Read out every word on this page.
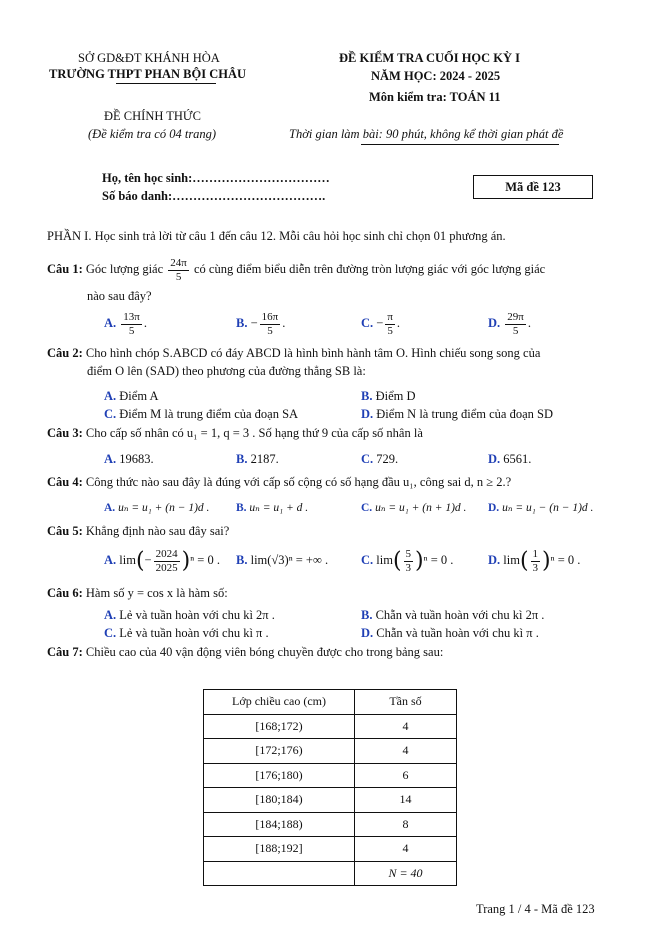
SỞ GD&ĐT KHÁNH HÒA
TRƯỜNG THPT PHAN BỘI CHÂU
ĐỀ KIỂM TRA CUỐI HỌC KỲ I
NĂM HỌC: 2024 - 2025
Môn kiểm tra: TOÁN 11
ĐỀ CHÍNH THỨC
(Đề kiểm tra có 04 trang)	Thời gian làm bài: 90 phút, không kể thời gian phát đề
Họ, tên học sinh:……………………………
Số báo danh:……………………………….
Mã đề 123
PHẦN I. Học sinh trả lời từ câu 1 đến câu 12. Mỗi câu hỏi học sinh chỉ chọn 01 phương án.
Câu 1: Góc lượng giác $\frac{24\pi}{5}$ có cùng điểm biểu diễn trên đường tròn lượng giác với góc lượng giác
nào sau đây?
A. $\frac{13\pi}{5}$ .	B. − $\frac{16\pi}{5}$ .	C. − $\frac{\pi}{5}$ .	D. $\frac{29\pi}{5}$ .
Câu 2: Cho hình chóp S.ABCD có đáy ABCD là hình bình hành tâm O. Hình chiếu song song của
điểm O lên (SAD) theo phương của đường thẳng SB là:
A. Điểm A	B. Điểm D
C. Điểm M là trung điểm của đoạn SA	D. Điểm N là trung điểm của đoạn SD
Câu 3: Cho cấp số nhân có u₁ = 1, q = 3 . Số hạng thứ 9 của cấp số nhân là
A. 19683.	B. 2187.	C. 729.	D. 6561.
Câu 4: Công thức nào sau đây là đúng với cấp số cộng có số hạng đầu u₁, công sai d, n ≥ 2.?
A. uₙ = u₁ + (n − 1)d . B. uₙ = u₁ + d .	C. uₙ = u₁ + (n + 1)d . D. uₙ = u₁ − (n − 1)d .
Câu 5: Khẳng định nào sau đây sai?
A. $\lim(- \frac{2024}{2025} )^n = 0$ . B. lim(√3)ⁿ = +∞ .	C. $\lim( \frac{5}{3} )^n = 0$ .	D. $\lim( \frac{1}{3} )^n = 0$ .
Câu 6: Hàm số y = cos x là hàm số:
A. Lẻ và tuần hoàn với chu kì 2π .	B. Chẵn và tuần hoàn với chu kì 2π .
C. Lẻ và tuần hoàn với chu kì π .	D. Chẵn và tuần hoàn với chu kì π .
Câu 7: Chiều cao của 40 vận động viên bóng chuyền được cho trong bảng sau:
Lớp chiều cao (cm)	Tần số
[168;172)	4
[172;176)	4
[176;180)	6
[180;184)	14
[184;188)	8
[188;192]	4
	N = 40
Trang 1 / 4 - Mã đề 123
